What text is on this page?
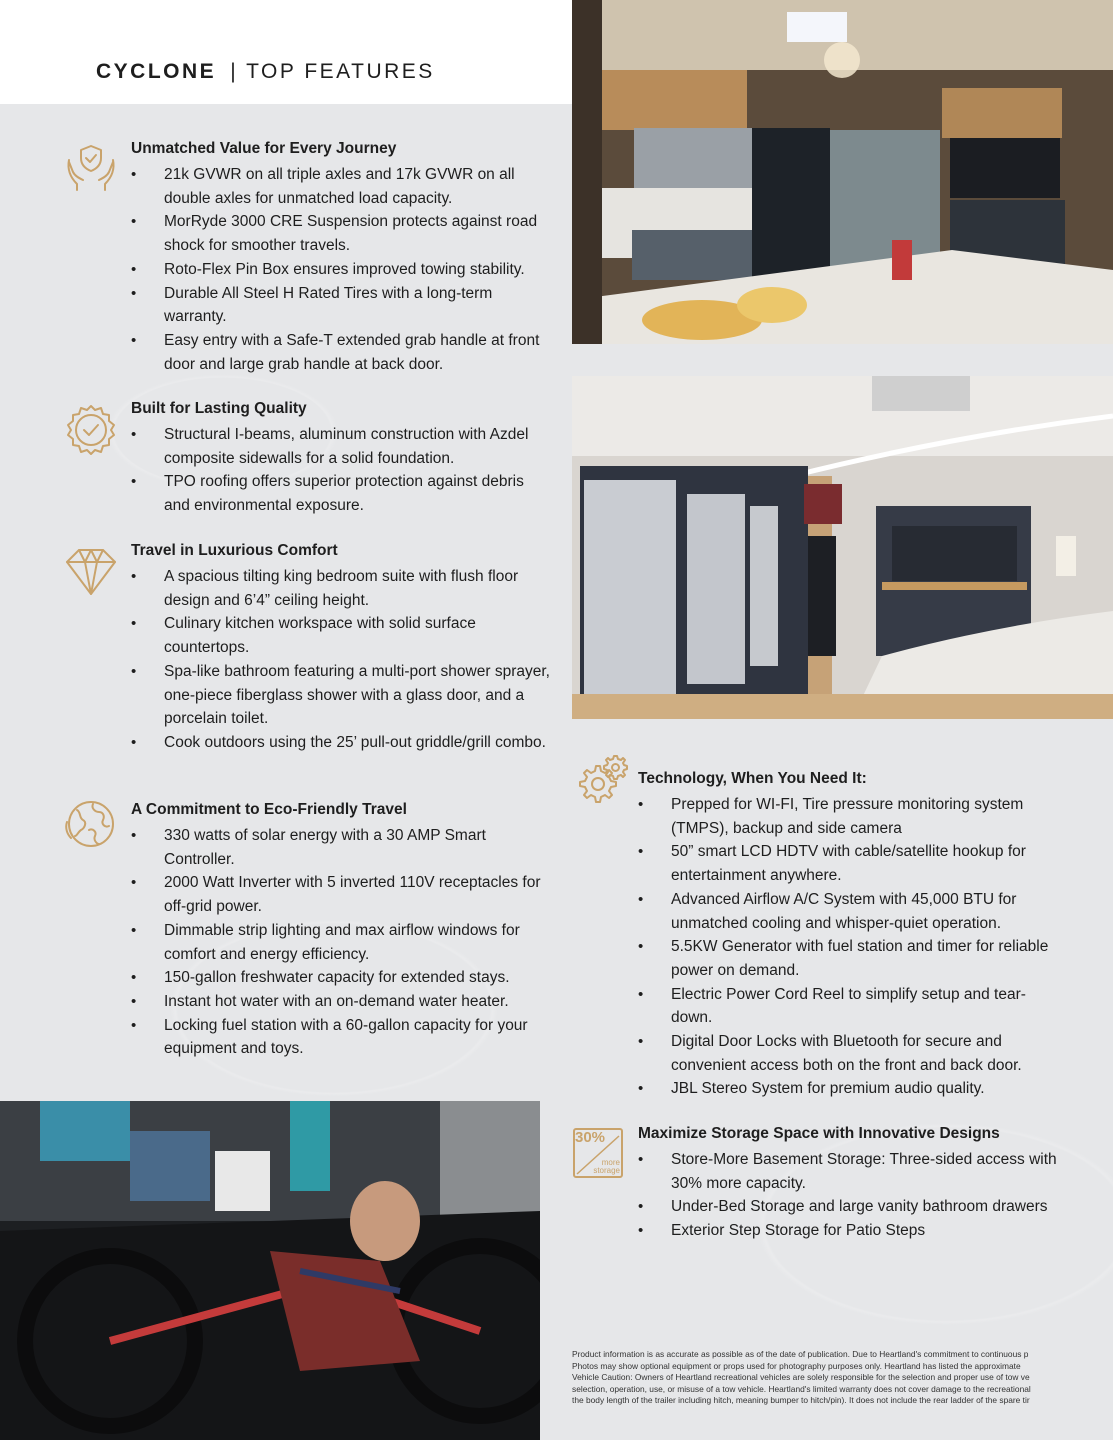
CYCLONE | TOP FEATURES
Unmatched Value for Every Journey
• 21k GVWR on all triple axles and 17k GVWR on all double axles for unmatched load capacity.
• MorRyde 3000 CRE Suspension protects against road shock for smoother travels.
• Roto-Flex Pin Box ensures improved towing stability.
• Durable All Steel H Rated Tires with a long-term warranty.
• Easy entry with a Safe-T extended grab handle at front door and large grab handle at back door.
Built for Lasting Quality
• Structural I-beams, aluminum construction with Azdel composite sidewalls for a solid foundation.
• TPO roofing offers superior protection against debris and environmental exposure.
Travel in Luxurious Comfort
• A spacious tilting king bedroom suite with flush floor design and 6’4” ceiling height.
• Culinary kitchen workspace with solid surface countertops.
• Spa-like bathroom featuring a multi-port shower sprayer, one-piece fiberglass shower with a glass door, and a porcelain toilet.
• Cook outdoors using the 25’ pull-out griddle/grill combo.
A Commitment to Eco-Friendly Travel
• 330 watts of solar energy with a 30 AMP Smart Controller.
• 2000 Watt Inverter with 5 inverted 110V receptacles for off-grid power.
• Dimmable strip lighting and max airflow windows for comfort and energy efficiency.
• 150-gallon freshwater capacity for extended stays.
• Instant hot water with an on-demand water heater.
• Locking fuel station with a 60-gallon capacity for your equipment and toys.
Technology, When You Need It:
• Prepped for WI-FI, Tire pressure monitoring system (TMPS), backup and side camera
• 50” smart LCD HDTV with cable/satellite hookup for entertainment anywhere.
• Advanced Airflow A/C System with 45,000 BTU for unmatched cooling and whisper-quiet operation.
• 5.5KW Generator with fuel station and timer for reliable power on demand.
• Electric Power Cord Reel to simplify setup and tear-down.
• Digital Door Locks with Bluetooth for secure and convenient access both on the front and back door.
• JBL Stereo System for premium audio quality.
30%
more
storage
Maximize Storage Space with Innovative Designs
• Store-More Basement Storage: Three-sided access with 30% more capacity.
• Under-Bed Storage and large vanity bathroom drawers
• Exterior Step Storage for Patio Steps
Product information is as accurate as possible as of the date of publication. Due to Heartland's commitment to continuous p
Photos may show optional equipment or props used for photography purposes only. Heartland has listed the approximate
Vehicle Caution: Owners of Heartland recreational vehicles are solely responsible for the selection and proper use of tow ve
selection, operation, use, or misuse of a tow vehicle. Heartland's limited warranty does not cover damage to the recreational
the body length of the trailer including hitch, meaning bumper to hitch/pin). It does not include the rear ladder of the spare tir
